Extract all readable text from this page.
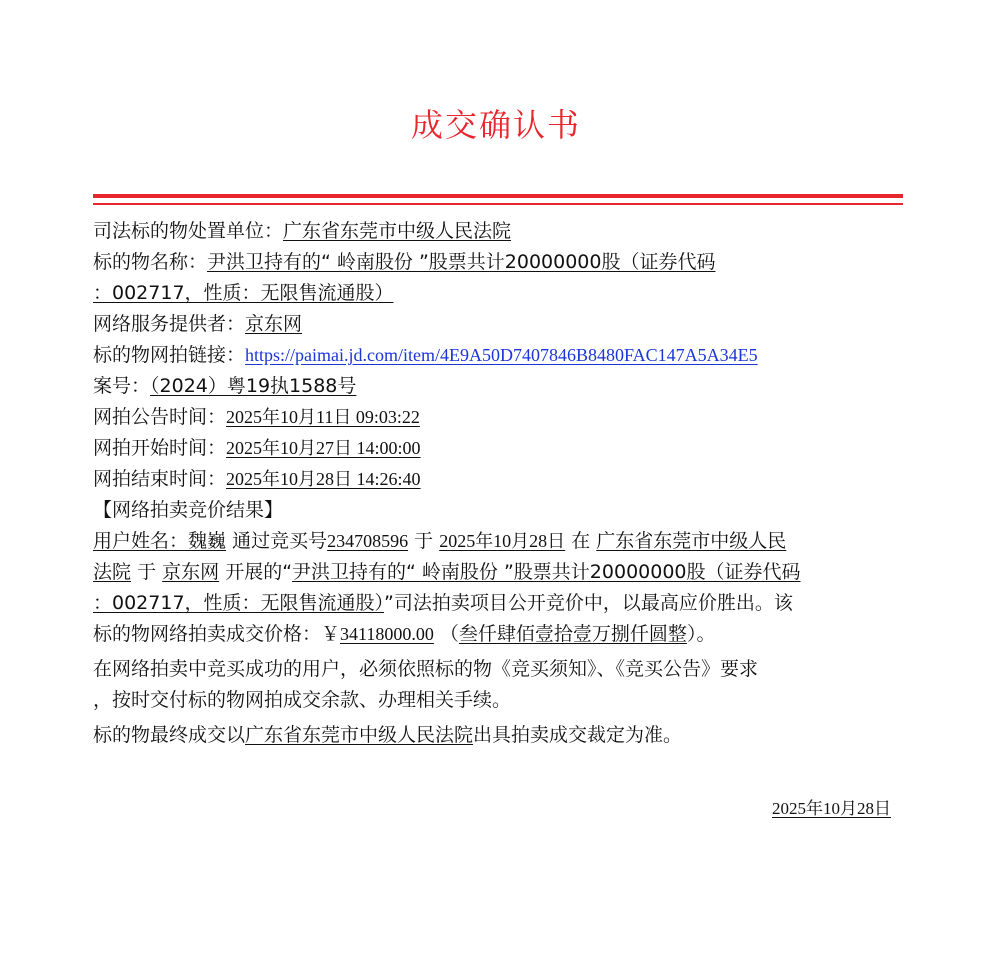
成交确认书
司法标的物处置单位：广东省东莞市中级人民法院
标的物名称：尹洪卫持有的“ 岭南股份 ”股票共计20000000股（证券代码
：002717，性质：无限售流通股）
网络服务提供者：京东网
标的物网拍链接：https://paimai.jd.com/item/4E9A50D7407846B8480FAC147A5A34E5
案号：（2024）粤19执1588号
网拍公告时间：2025年10月11日 09:03:22
网拍开始时间：2025年10月27日 14:00:00
网拍结束时间：2025年10月28日 14:26:40
【网络拍卖竞价结果】
用户姓名：魏巍 通过竞买号234708596 于 2025年10月28日 在 广东省东莞市中级人民
法院 于 京东网 开展的“尹洪卫持有的“ 岭南股份 ”股票共计20000000股（证券代码
：002717，性质：无限售流通股）”司法拍卖项目公开竞价中，以最高应价胜出。该
标的物网络拍卖成交价格：￥34118000.00 （叁仟肆佰壹拾壹万捌仟圆整）。
在网络拍卖中竞买成功的用户，必须依照标的物《竞买须知》、《竞买公告》要求
，按时交付标的物网拍成交余款、办理相关手续。
标的物最终成交以广东省东莞市中级人民法院出具拍卖成交裁定为准。
2025年10月28日
